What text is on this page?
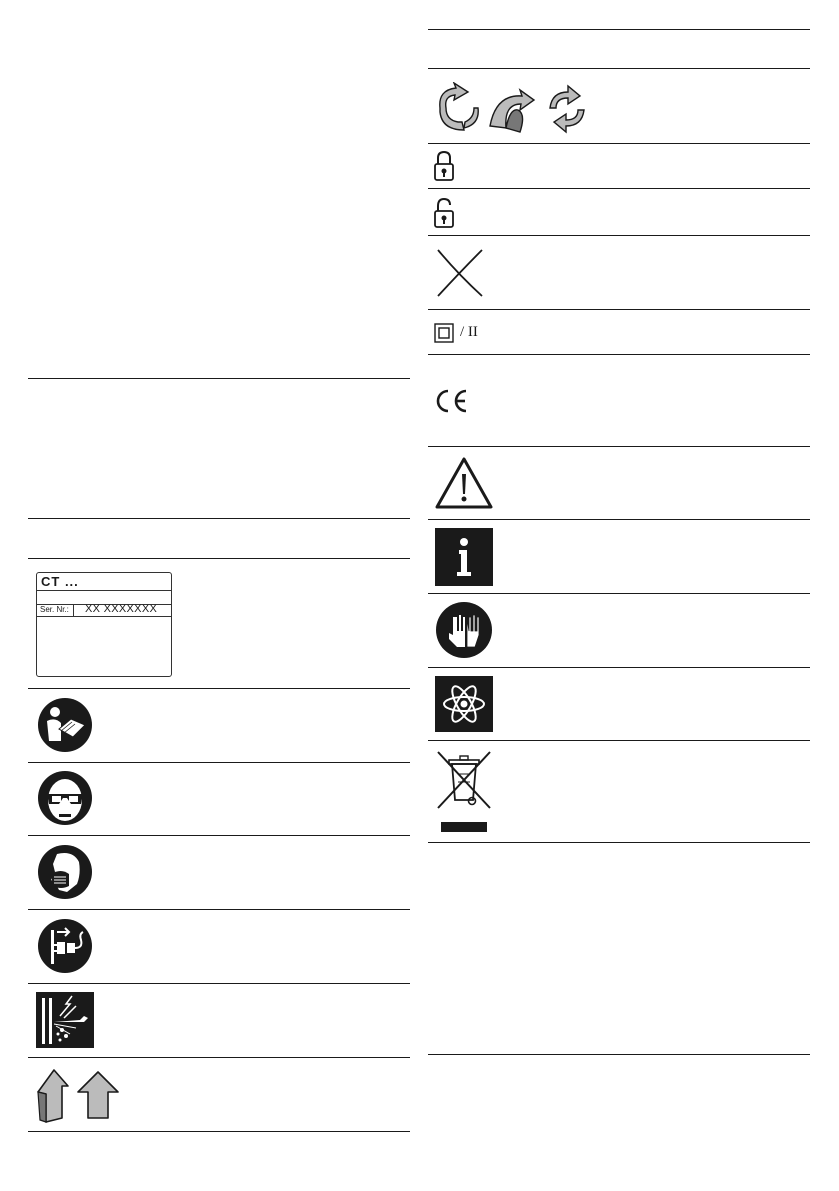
CT ...
Ser. Nr.: XX XXXXXXX
/ II
